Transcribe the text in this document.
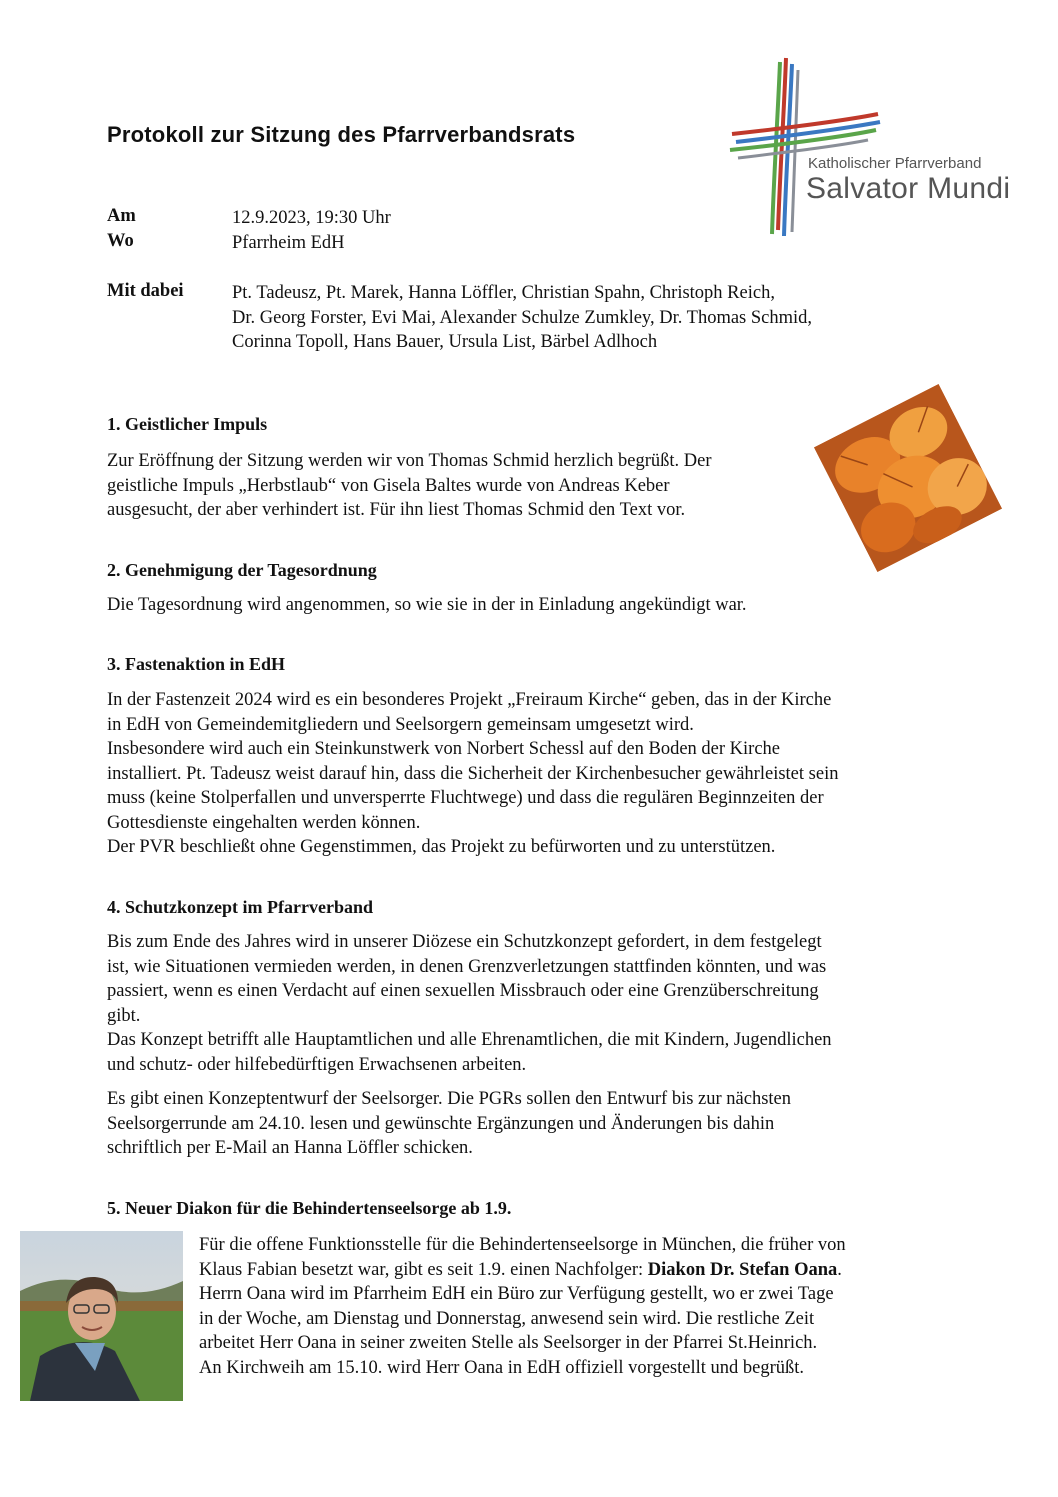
Protokoll zur Sitzung des Pfarrverbandsrats
Katholischer Pfarrverband
Salvator Mundi
Am	12.9.2023, 19:30 Uhr
Wo	Pfarrheim EdH
Mit dabei	Pt. Tadeusz, Pt. Marek, Hanna Löffler, Christian Spahn, Christoph Reich,
Dr. Georg Forster, Evi Mai, Alexander Schulze Zumkley, Dr. Thomas Schmid,
Corinna Topoll, Hans Bauer, Ursula List, Bärbel Adlhoch
1. Geistlicher Impuls
Zur Eröffnung der Sitzung werden wir von Thomas Schmid herzlich begrüßt. Der
geistliche Impuls „Herbstlaub“ von Gisela Baltes wurde von Andreas Keber
ausgesucht, der aber verhindert ist. Für ihn liest Thomas Schmid den Text vor.
2. Genehmigung der Tagesordnung
Die Tagesordnung wird angenommen, so wie sie in der in Einladung angekündigt war.
3. Fastenaktion in EdH
In der Fastenzeit 2024 wird es ein besonderes Projekt „Freiraum Kirche“ geben, das in der Kirche
in EdH von Gemeindemitgliedern und Seelsorgern gemeinsam umgesetzt wird.
Insbesondere wird auch ein Steinkunstwerk von Norbert Schessl auf den Boden der Kirche
installiert. Pt. Tadeusz weist darauf hin, dass die Sicherheit der Kirchenbesucher gewährleistet sein
muss (keine Stolperfallen und unversperrte Fluchtwege) und dass die regulären Beginnzeiten der
Gottesdienste eingehalten werden können.
Der PVR beschließt ohne Gegenstimmen, das Projekt zu befürworten und zu unterstützen.
4. Schutzkonzept im Pfarrverband
Bis zum Ende des Jahres wird in unserer Diözese ein Schutzkonzept gefordert, in dem festgelegt
ist, wie Situationen vermieden werden, in denen Grenzverletzungen stattfinden könnten, und was
passiert, wenn es einen Verdacht auf einen sexuellen Missbrauch oder eine Grenzüberschreitung
gibt.
Das Konzept betrifft alle Hauptamtlichen und alle Ehrenamtlichen, die mit Kindern, Jugendlichen
und schutz- oder hilfebedürftigen Erwachsenen arbeiten.
Es gibt einen Konzeptentwurf der Seelsorger. Die PGRs sollen den Entwurf bis zur nächsten
Seelsorgerrunde am 24.10. lesen und gewünschte Ergänzungen und Änderungen bis dahin
schriftlich per E-Mail an Hanna Löffler schicken.
5. Neuer Diakon für die Behindertenseelsorge ab 1.9.
Für die offene Funktionsstelle für die Behindertenseelsorge in München, die früher von
Klaus Fabian besetzt war, gibt es seit 1.9. einen Nachfolger: Diakon Dr. Stefan Oana.
Herrn Oana wird im Pfarrheim EdH ein Büro zur Verfügung gestellt, wo er zwei Tage
in der Woche, am Dienstag und Donnerstag, anwesend sein wird. Die restliche Zeit
arbeitet Herr Oana in seiner zweiten Stelle als Seelsorger in der Pfarrei St.Heinrich.
An Kirchweih am 15.10. wird Herr Oana in EdH offiziell vorgestellt und begrüßt.
